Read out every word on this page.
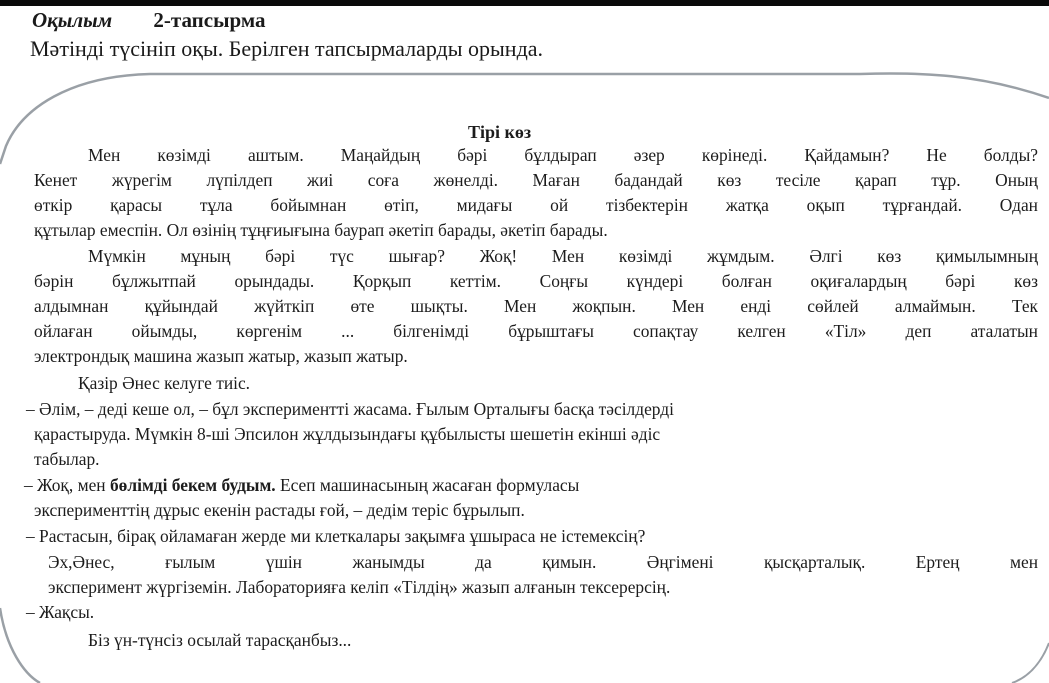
Оқылым 2-тапсырма
Мәтінді түсініп оқы. Берілген тапсырмаларды орында.
Тірі көз
Мен көзімді аштым. Маңайдың бәрі бұлдырап әзер көрінеді. Қайдамын? Не болды?
Кенет жүрегім лүпілдеп жиі соға жөнелді. Маған бадандай көз тесіле қарап тұр. Оның
өткір қарасы тұла бойымнан өтіп, мидағы ой тізбектерін жатқа оқып тұрғандай. Одан
құтылар емеспін. Ол өзінің тұңғиығына баурап әкетіп барады, әкетіп барады.
Мүмкін мұның бәрі түс шығар? Жоқ! Мен көзімді жұмдым. Әлгі көз қимылымның
бәрін бұлжытпай орындады. Қорқып кеттім. Соңғы күндері болған оқиғалардың бәрі көз
алдымнан құйындай жүйткіп өте шықты. Мен жоқпын. Мен енді сөйлей алмаймын. Тек
ойлаған ойымды, көргенім ... білгенімді бұрыштағы сопақтау келген «Тіл» деп аталатын
электрондық машина жазып жатыр, жазып жатыр.
Қазір Әнес келуге тиіс.
– Әлім, – деді кеше ол, – бұл экспериментті жасама. Ғылым Орталығы басқа тәсілдерді
қарастыруда. Мүмкін 8-ші Эпсилон жұлдызындағы құбылысты шешетін екінші әдіс
табылар.
– Жоқ, мен бөлімді бекем будым. Есеп машинасының жасаған формуласы
эксперименттің дұрыс екенін растады ғой, – дедім теріс бұрылып.
– Растасын, бірақ ойламаған жерде ми клеткалары зақымға ұшыраса не істемексің?
Эх,Әнес, ғылым үшін жанымды да қимын. Әңгімені қысқарталық. Ертең мен
эксперимент жүргіземін. Лабораторияға келіп «Тілдің» жазып алғанын тексерерсің.
– Жақсы.
Біз үн-түнсіз осылай тарасқанбыз...
